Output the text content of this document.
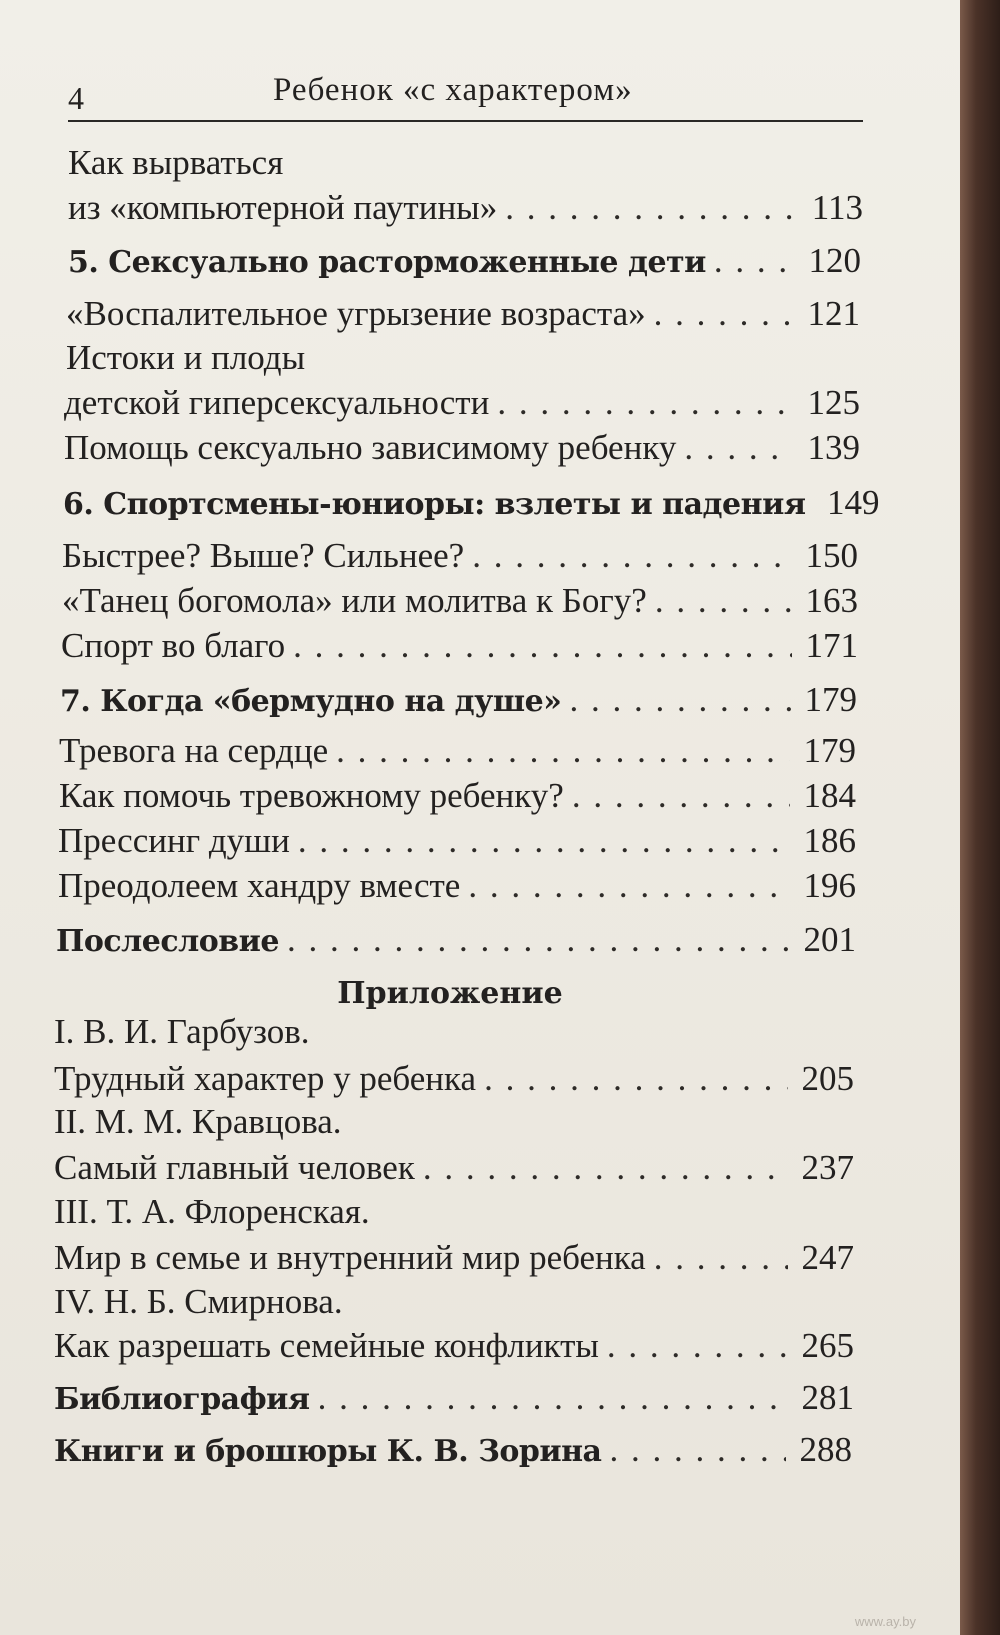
4	Ребенок «с характером»
Как вырваться
из «компьютерной паутины» . . .	113
5. Сексуально расторможенные дети . . .	120
«Воспалительное угрызение возраста» . . .	121
Истоки и плоды
детской гиперсексуальности . . .	125
Помощь сексуально зависимому ребенку . . .	139
6. Спортсмены-юниоры: взлеты и падения 149
Быстрее? Выше? Сильнее? . . .	150
«Танец богомола» или молитва к Богу? . . .	163
Спорт во благо . . .	171
7. Когда «бермудно на душе» . . .	179
Тревога на сердце . . .	179
Как помочь тревожному ребенку? . . .	184
Прессинг души . . .	186
Преодолеем хандру вместе . . .	196
Послесловие . . .	201
Приложение
I. В. И. Гарбузов.
Трудный характер у ребенка . . .	205
II. М. М. Кравцова.
Самый главный человек . . .	237
III. Т. А. Флоренская.
Мир в семье и внутренний мир ребенка . . .	247
IV. Н. Б. Смирнова.
Как разрешать семейные конфликты . . .	265
Библиография . . .	281
Книги и брошюры К. В. Зорина . . .	288
www.ay.by
